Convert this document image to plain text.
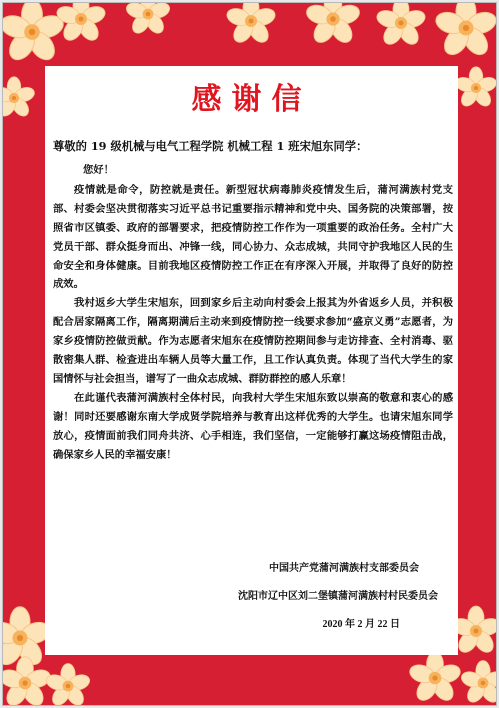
感谢信
尊敬的 19 级机械与电气工程学院 机械工程 1 班宋旭东同学：

您好！

疫情就是命令，防控就是责任。新型冠状病毒肺炎疫情发生后，蒲河满族村党支部、村委会坚决贯彻落实习近平总书记重要指示精神和党中央、国务院的决策部署，按照省市区镇委、政府的部署要求，把疫情防控工作作为一项重要的政治任务。全村广大党员干部、群众挺身而出、冲锋一线，同心协力、众志成城，共同守护我地区人民的生命安全和身体健康。目前我地区疫情防控工作正在有序深入开展，并取得了良好的防控成效。

我村返乡大学生宋旭东，回到家乡后主动向村委会上报其为外省返乡人员，并积极配合居家隔离工作，隔离期满后主动来到疫情防控一线要求参加“盛京义勇”志愿者，为家乡疫情防控做贡献。作为志愿者宋旭东在疫情防控期间参与走访排查、全村消毒、驱散密集人群、检查进出车辆人员等大量工作，且工作认真负责。体现了当代大学生的家国情怀与社会担当，谱写了一曲众志成城、群防群控的感人乐章！

在此谨代表蒲河满族村全体村民，向我村大学生宋旭东致以崇高的敬意和衷心的感谢！同时还要感谢东南大学成贤学院培养与教育出这样优秀的大学生。也请宋旭东同学放心，疫情面前我们同舟共济、心手相连，我们坚信，一定能够打赢这场疫情阻击战，确保家乡人民的幸福安康！

中国共产党蒲河满族村支部委员会
沈阳市辽中区刘二堡镇蒲河满族村村民委员会
2020 年 2 月 22 日
